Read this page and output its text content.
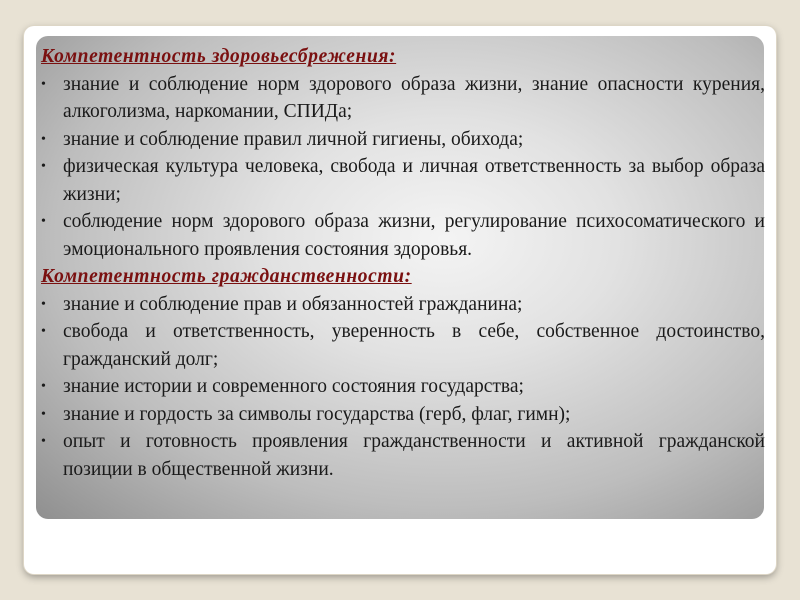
Компетентность здоровьесбрежения:
• знание и соблюдение норм здорового образа жизни, знание опасности курения, алкоголизма, наркомании, СПИДа;
• знание и соблюдение правил личной гигиены, обихода;
• физическая культура человека, свобода и личная ответственность за выбор образа жизни;
• соблюдение норм здорового образа жизни, регулирование психосоматического и эмоционального проявления состояния здоровья.
Компетентность гражданственности:
• знание и соблюдение прав и обязанностей гражданина;
• свобода и ответственность, уверенность в себе, собственное достоинство, гражданский долг;
• знание истории и современного состояния государства;
• знание и гордость за символы государства (герб, флаг, гимн);
• опыт и готовность проявления гражданственности и активной гражданской позиции в общественной жизни.
